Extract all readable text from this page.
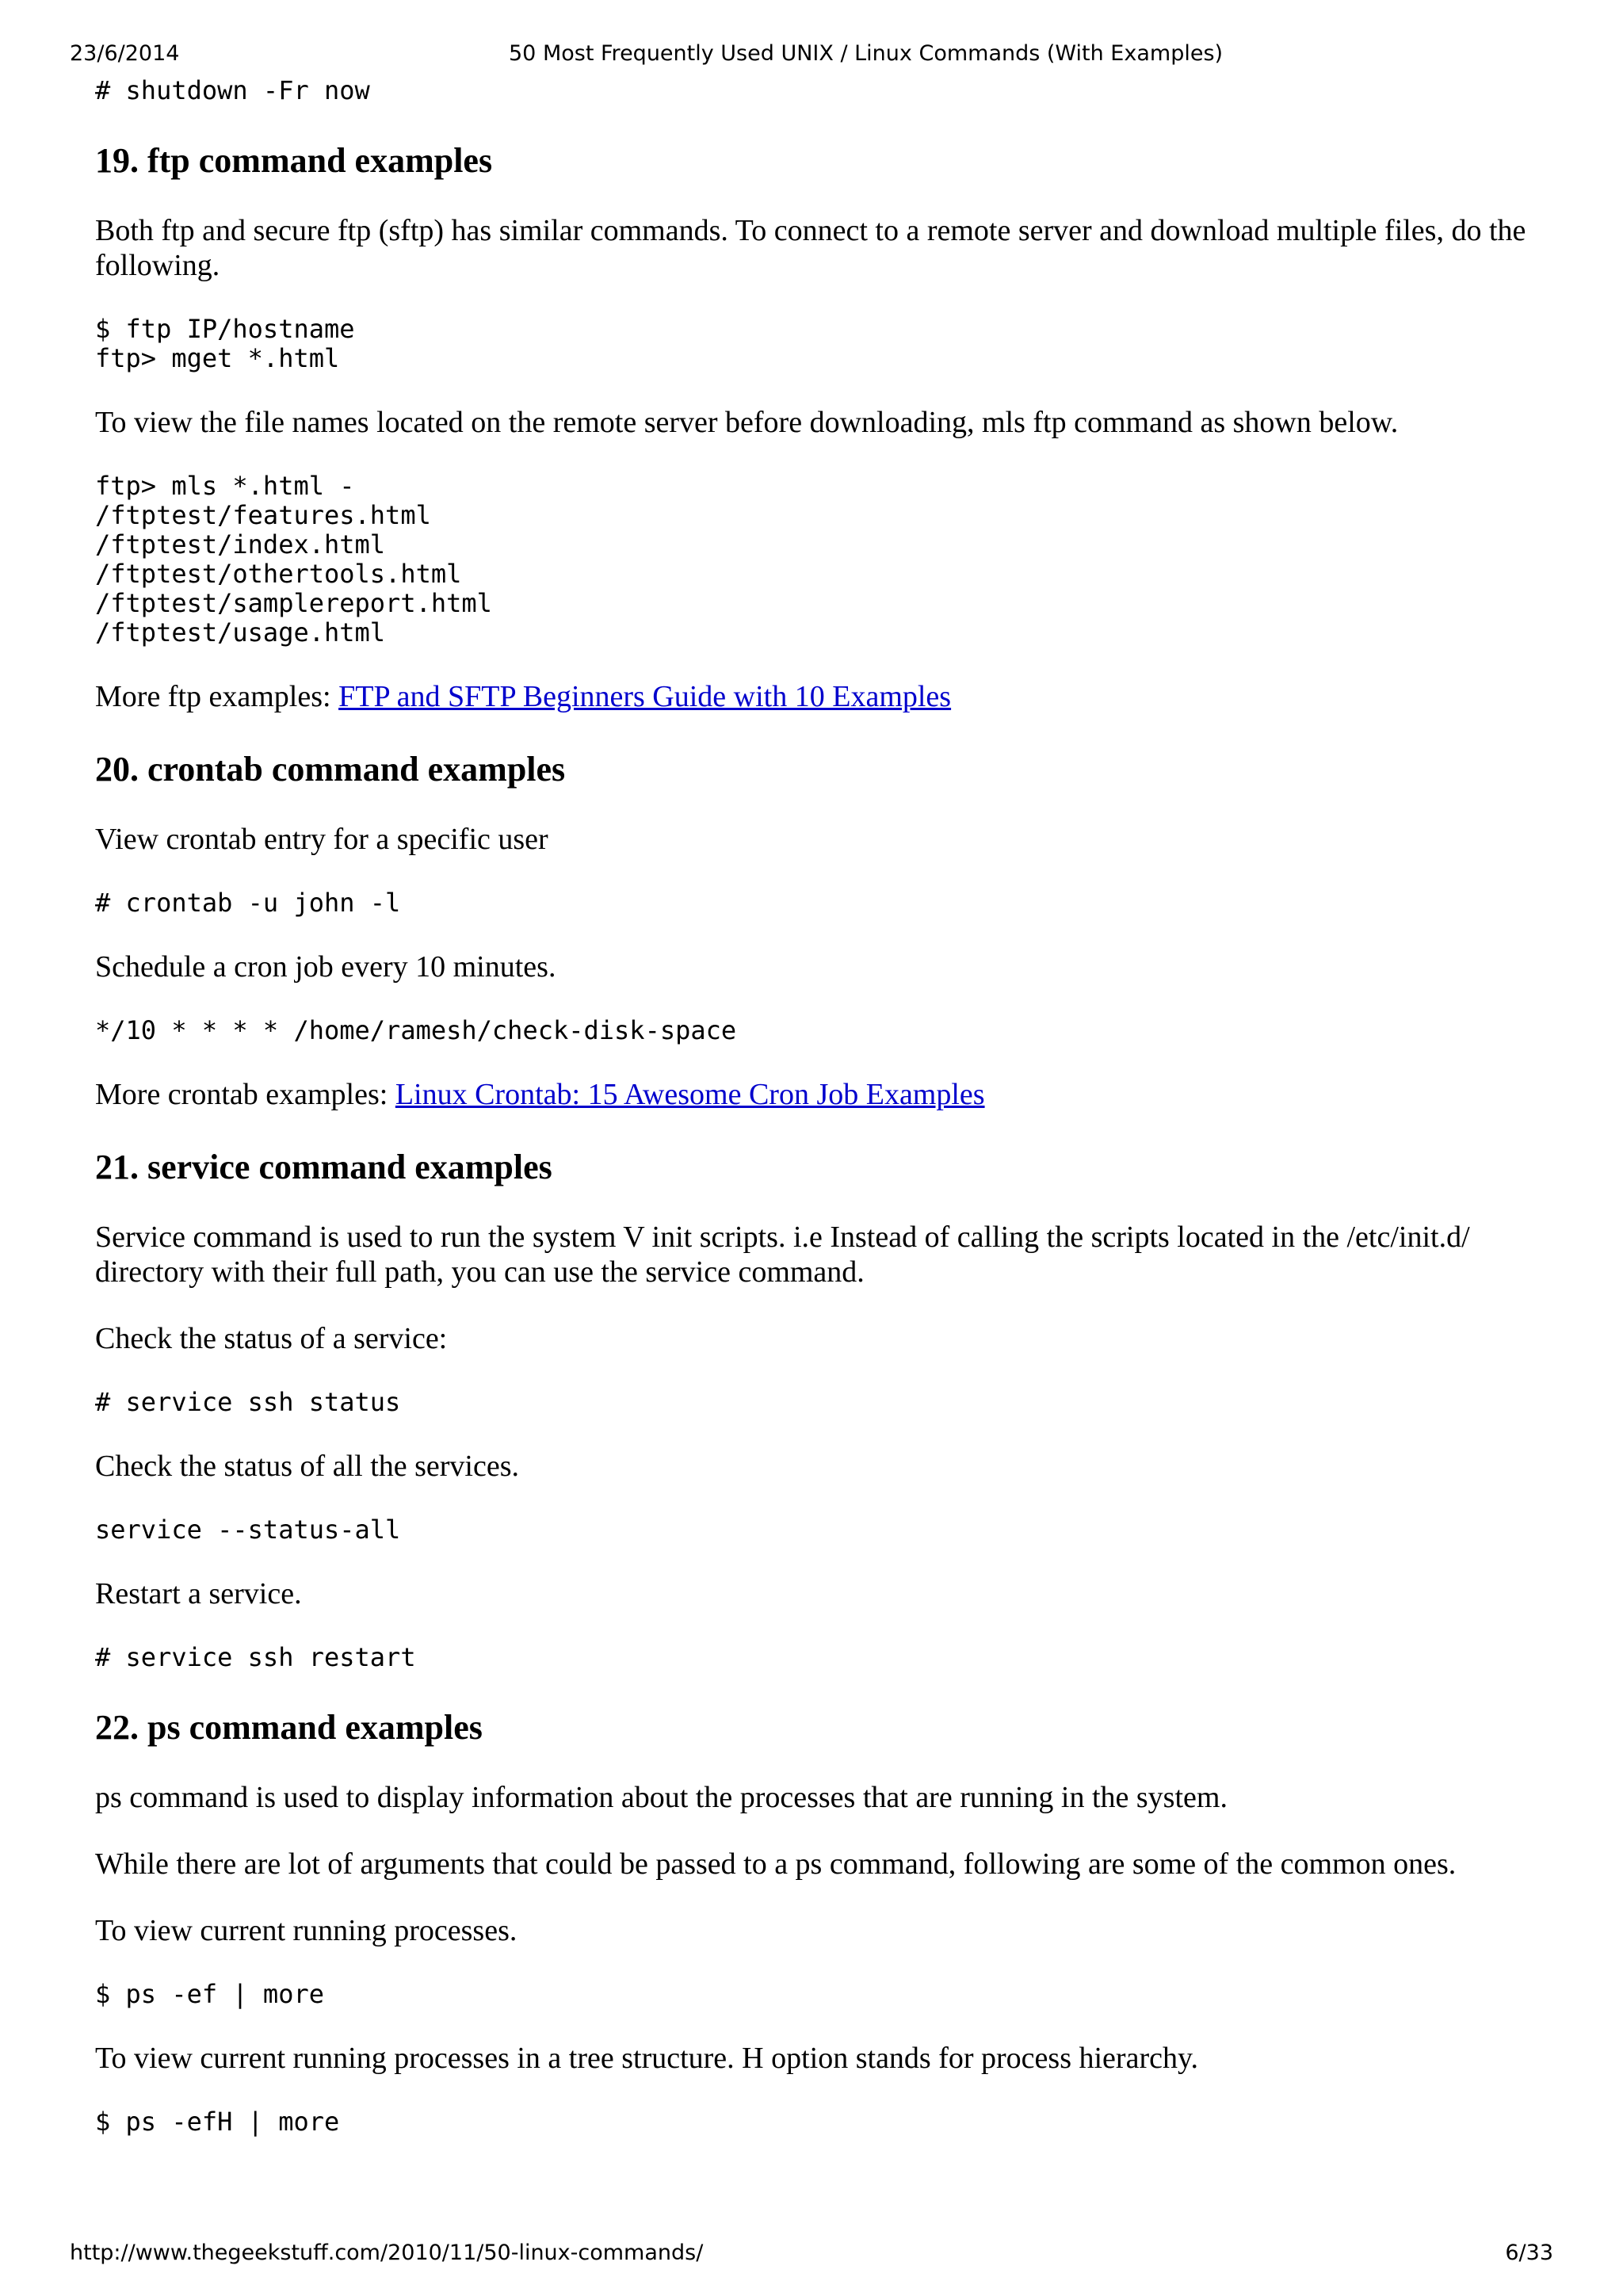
23/6/2014	50 Most Frequently Used UNIX / Linux Commands (With Examples)
# shutdown -Fr now
19. ftp command examples

Both ftp and secure ftp (sftp) has similar commands. To connect to a remote server and download multiple files, do the following.

$ ftp IP/hostname
ftp> mget *.html

To view the file names located on the remote server before downloading, mls ftp command as shown below.

ftp> mls *.html -
/ftptest/features.html
/ftptest/index.html
/ftptest/othertools.html
/ftptest/samplereport.html
/ftptest/usage.html

More ftp examples: FTP and SFTP Beginners Guide with 10 Examples

20. crontab command examples

View crontab entry for a specific user

# crontab -u john -l

Schedule a cron job every 10 minutes.

*/10 * * * * /home/ramesh/check-disk-space

More crontab examples: Linux Crontab: 15 Awesome Cron Job Examples

21. service command examples

Service command is used to run the system V init scripts. i.e Instead of calling the scripts located in the /etc/init.d/ directory with their full path, you can use the service command.

Check the status of a service:

# service ssh status

Check the status of all the services.

service --status-all

Restart a service.

# service ssh restart
22. ps command examples

ps command is used to display information about the processes that are running in the system.

While there are lot of arguments that could be passed to a ps command, following are some of the common ones.

To view current running processes.

$ ps -ef | more

To view current running processes in a tree structure. H option stands for process hierarchy.

$ ps -efH | more
http://www.thegeekstuff.com/2010/11/50-linux-commands/	6/33
